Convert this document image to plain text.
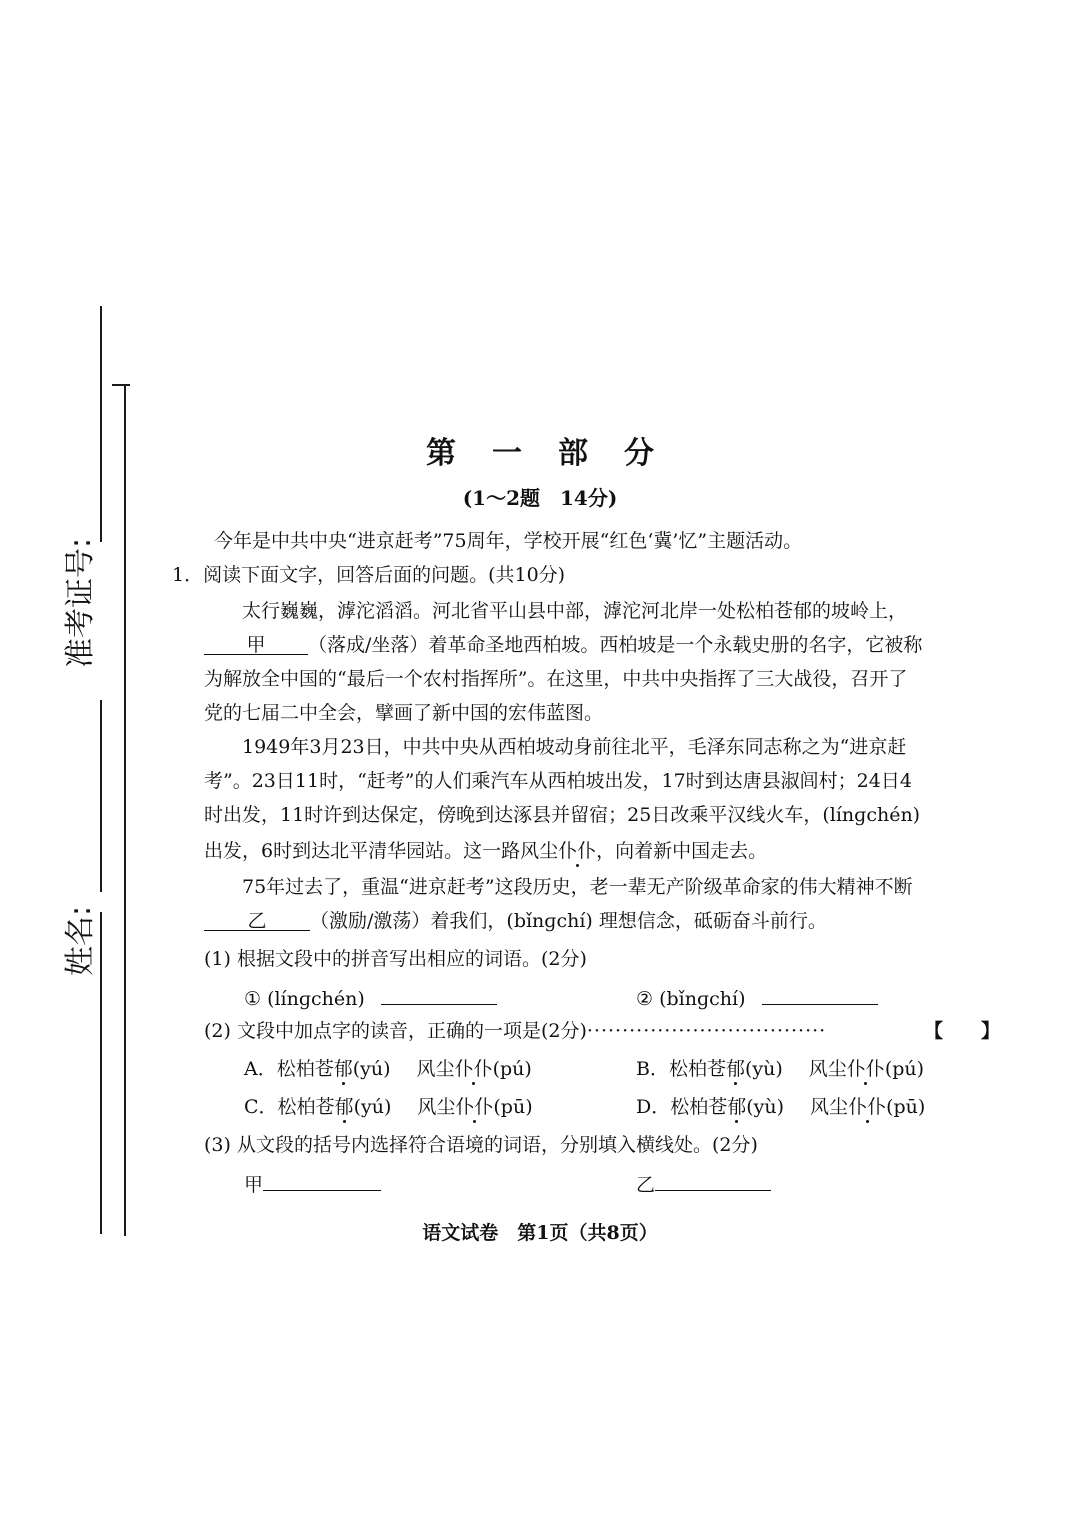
准考证号:
姓名:
第一部分
(1～2题　14分)
今年是中共中央“进京赶考”75周年，学校开展“红色‘冀’忆”主题活动。
1．阅读下面文字，回答后面的问题。(共10分)
太行巍巍，滹沱滔滔。河北省平山县中部，滹沱河北岸一处松柏苍郁的坡岭上，
甲 （落成/坐落）着革命圣地西柏坡。西柏坡是一个永载史册的名字，它被称
为解放全中国的“最后一个农村指挥所”。在这里，中共中央指挥了三大战役，召开了
党的七届二中全会，擘画了新中国的宏伟蓝图。
1949年3月23日，中共中央从西柏坡动身前往北平，毛泽东同志称之为“进京赶
考”。23日11时，“赶考”的人们乘汽车从西柏坡出发，17时到达唐县淑闾村；24日4
时出发，11时许到达保定，傍晚到达涿县并留宿；25日改乘平汉线火车，(línɡchén)
出发，6时到达北平清华园站。这一路风尘仆仆，向着新中国走去。
75年过去了，重温“进京赶考”这段历史，老一辈无产阶级革命家的伟大精神不断
乙 （激励/激荡）着我们，(bǐnɡchí) 理想信念，砥砺奋斗前行。
(1) 根据文段中的拼音写出相应的词语。(2分)
① (línɡchén)	② (bǐnɡchí)
(2) 文段中加点字的读音，正确的一项是(2分)··································	【 】
A．松柏苍郁(yú) 风尘仆仆(pú)	B．松柏苍郁(yù) 风尘仆仆(pú)
C．松柏苍郁(yú) 风尘仆仆(pū)	D．松柏苍郁(yù) 风尘仆仆(pū)
(3) 从文段的括号内选择符合语境的词语，分别填入横线处。(2分)
甲	乙
语文试卷　第1页（共8页）
